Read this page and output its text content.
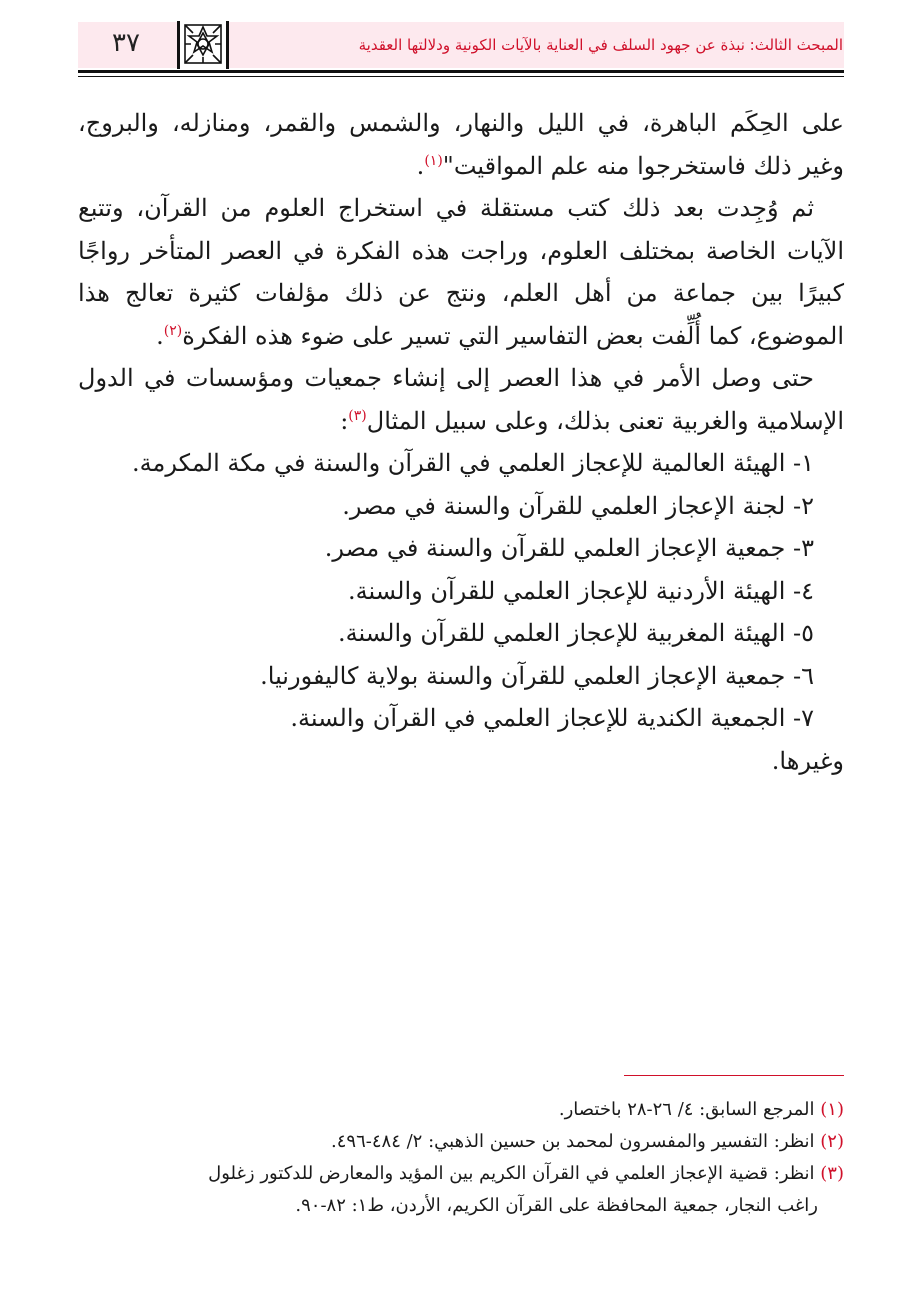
المبحث الثالث: نبذة عن جهود السلف في العناية بالآيات الكونية ودلالتها العقدية
٣٧

على الحِكَم الباهرة، في الليل والنهار، والشمس والقمر، ومنازله، والبروج، وغير ذلك فاستخرجوا منه علم المواقيت"$^{(١)}$.

ثم وُجِدت بعد ذلك كتب مستقلة في استخراج العلوم من القرآن، وتتبع الآيات الخاصة بمختلف العلوم، وراجت هذه الفكرة في العصر المتأخر رواجًا كبيرًا بين جماعة من أهل العلم، ونتج عن ذلك مؤلفات كثيرة تعالج هذا الموضوع، كما أُلِّفت بعض التفاسير التي تسير على ضوء هذه الفكرة$^{(٢)}$.

حتى وصل الأمر في هذا العصر إلى إنشاء جمعيات ومؤسسات في الدول الإسلامية والغربية تعنى بذلك، وعلى سبيل المثال$^{(٣)}$:

١- الهيئة العالمية للإعجاز العلمي في القرآن والسنة في مكة المكرمة.

٢- لجنة الإعجاز العلمي للقرآن والسنة في مصر.

٣- جمعية الإعجاز العلمي للقرآن والسنة في مصر.

٤- الهيئة الأردنية للإعجاز العلمي للقرآن والسنة.

٥- الهيئة المغربية للإعجاز العلمي للقرآن والسنة.

٦- جمعية الإعجاز العلمي للقرآن والسنة بولاية كاليفورنيا.

٧- الجمعية الكندية للإعجاز العلمي في القرآن والسنة.

وغيرها.

(١) المرجع السابق: ٤/ ٢٦-٢٨ باختصار.

(٢) انظر: التفسير والمفسرون لمحمد بن حسين الذهبي: ٢/ ٤٨٤-٤٩٦.

(٣) انظر: قضية الإعجاز العلمي في القرآن الكريم بين المؤيد والمعارض للدكتور زغلول

راغب النجار، جمعية المحافظة على القرآن الكريم، الأردن، ط١: ٨٢-٩٠.
